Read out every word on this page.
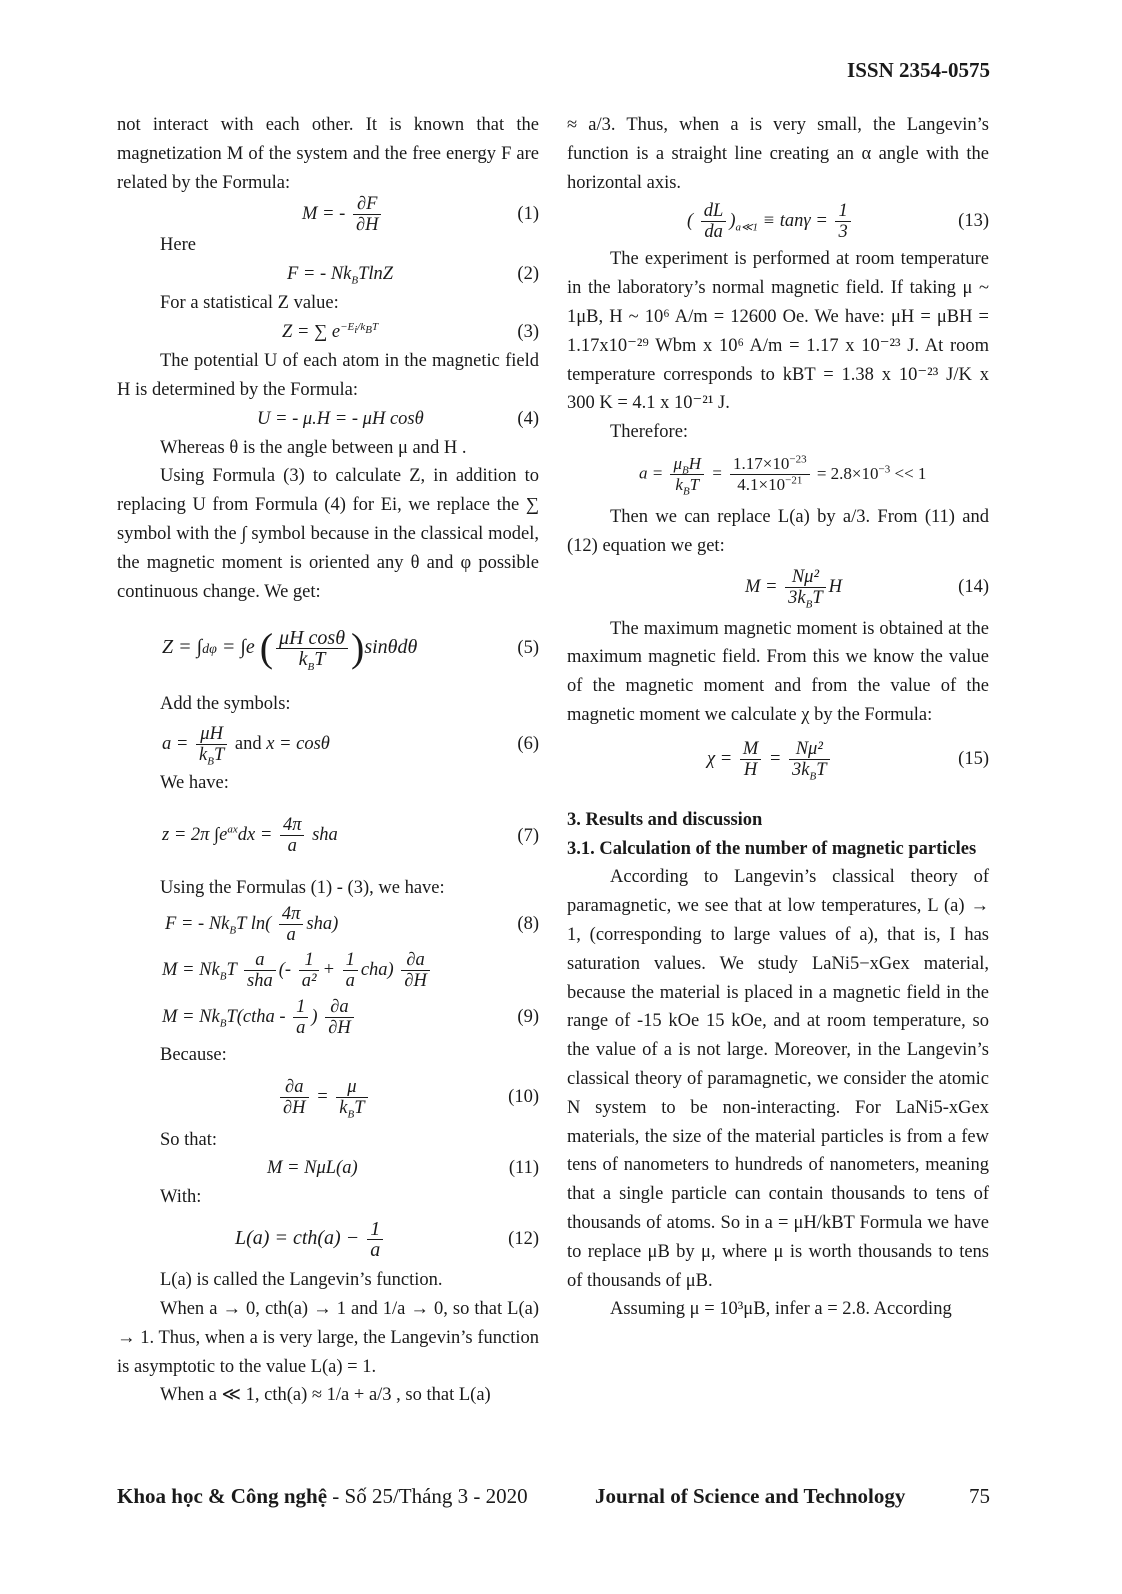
ISSN 2354-0575

not interact with each other. It is known that the magnetization M of the system and the free energy F are related by the Formula:

M = - $\frac{\partial F}{\partial H}$	(1)

Here

F = - $Nk_BTlnZ$	(2)

For a statistical Z value:

Z = ∑ $e^{-E_i/k_BT}$	(3)

The potential U of each atom in the magnetic field H is determined by the Formula:

U = - μ.H = - μH cosθ	(4)

Whereas θ is the angle between μ and H .

Using Formula (3) to calculate Z, in addition to replacing U from Formula (4) for Ei, we replace the ∑ symbol with the ∫ symbol because in the classical model, the magnetic moment is oriented any θ and φ possible continuous change. We get:

Z = ∫dφ = ∫e ( $\frac{\text{μH cosθ}}{k_BT} )\sin\theta d\theta$	(5)

Add the symbols:

$a = \frac{\mu H}{k_BT}$ and x = cosθ	(6)

We have:

z = 2π $\int e^{ax}dx = \frac{4\pi}{a}$ sha	(7)

Using the Formulas (1) - (3), we have:

F = - $Nk_BT$ $\ln( \frac{4\pi}{a} sha)$	(8)
$M = Nk_BT \frac{a}{\text{sha}}$ (- $\frac{1}{\text{a²}} + \frac{1}{a} cha) \frac{\partial a}{\partial H}$
$M = Nk_BT(ctha - \frac{1}{a}$ ) $\frac{\partial a}{\partial H}$	(9)

Because:

$\frac{\partial a}{\partial H} = \frac{\mu}{k_BT}$	(10)

So that:

M = NμL(a)	(11)

With:

$L(a) = cth(a) - \frac{1}{a}$	(12)

L(a) is called the Langevin’s function.

When a → 0, cth(a) → 1 and 1/a → 0, so that L(a) → 1. Thus, when a is very large, the Langevin’s function is asymptotic to the value L(a) = 1.

When a ≪ 1, cth(a) ≈ 1/a + a/3 , so that L(a)

≈ a/3. Thus, when a is very small, the Langevin’s function is a straight line creating an α angle with the horizontal axis.

( $\frac{dL}{da} )_{a≪1} \equiv \tan\gamma = \frac{1}{3}$	(13)

The experiment is performed at room temperature in the laboratory’s normal magnetic field. If taking μ ~ 1μB, H ~ 10⁶ A/m = 12600 Oe. We have: μH = μBH = 1.17x10⁻²⁹ Wbm x 10⁶ A/m = 1.17 x 10⁻²³ J. At room temperature corresponds to kBT = 1.38 x 10⁻²³ J/K x 300 K = 4.1 x 10⁻²¹ J.

Therefore:

$a = \frac{\mu_BH}{k_BT} = \frac{1.17\times 10^{-23}}{4.1\times 10^{-21}} = 2.8\times 10^{-3} << 1$

Then we can replace L(a) by a/3. From (11) and (12) equation we get:

$M = \frac{\text{Nμ²}}{3k_BT}$ H	(14)

The maximum magnetic moment is obtained at the maximum magnetic field. From this we know the value of the magnetic moment and from the value of the magnetic moment we calculate χ by the Formula:

$\chi = \frac{M}{H} = \frac{\text{Nμ²}}{3k_BT}$	(15)

3. Results and discussion

3.1. Calculation of the number of magnetic particles

According to Langevin’s classical theory of paramagnetic, we see that at low temperatures, L (a) → 1, (corresponding to large values of a), that is, I has saturation values. We study LaNi5−xGex material, because the material is placed in a magnetic field in the range of -15 kOe 15 kOe, and at room temperature, so the value of a is not large. Moreover, in the Langevin’s classical theory of paramagnetic, we consider the atomic N system to be non-interacting. For LaNi5-xGex materials, the size of the material particles is from a few tens of nanometers to hundreds of nanometers, meaning that a single particle can contain thousands to tens of thousands of atoms. So in a = μH/kBT Formula we have to replace μB by μ, where μ is worth thousands to tens of thousands of μB.

Assuming μ = 10³μB, infer a = 2.8. According

Khoa học & Công nghệ - Số 25/Tháng 3 - 2020	Journal of Science and Technology	75
